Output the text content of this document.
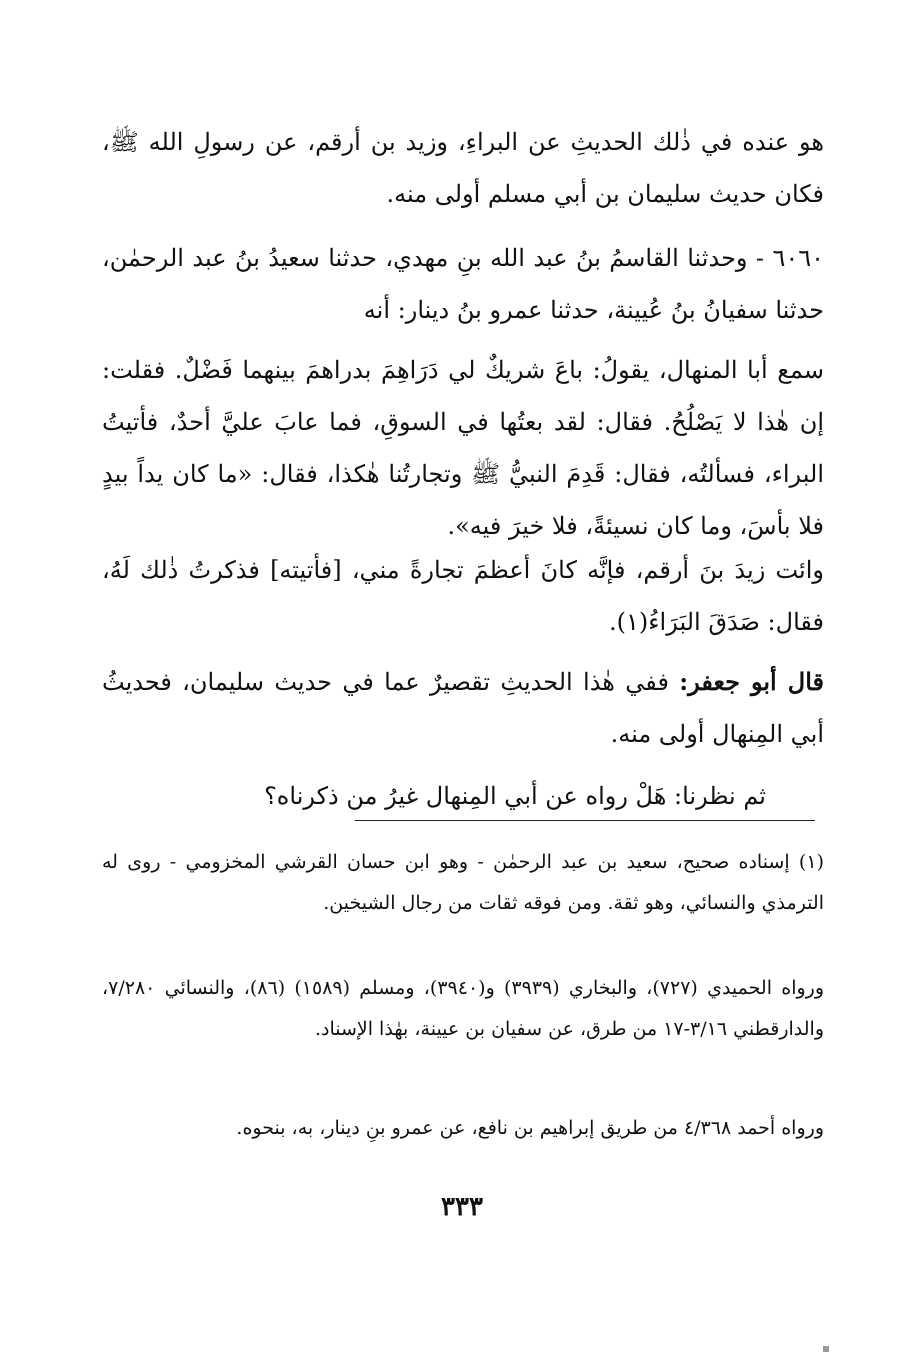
هو عنده في ذٰلك الحديثِ عن البراءِ، وزيد بن أرقم، عن رسولِ الله ﷺ، فكان حديث سليمان بن أبي مسلم أولى منه.

٦٠٦٠ - وحدثنا القاسمُ بنُ عبد الله بنِ مهدي، حدثنا سعيدُ بنُ عبد الرحمٰن، حدثنا سفيانُ بنُ عُيينة، حدثنا عمرو بنُ دينار: أنه

سمع أبا المنهال، يقولُ: باعَ شريكٌ لي دَرَاهِمَ بدراهمَ بينهما فَضْلٌ. فقلت: إن هٰذا لا يَصْلُحُ. فقال: لقد بعتُها في السوقِ، فما عابَ عليَّ أحدٌ، فأتيتُ البراء، فسألتُه، فقال: قَدِمَ النبيُّ ﷺ وتجارتُنا هٰكذا، فقال: «ما كان يداً بيدٍ فلا بأسَ، وما كان نسيئةً، فلا خيرَ فيه».

وائت زيدَ بنَ أرقم، فإنَّه كانَ أعظمَ تجارةً مني، [فأتيته] فذكرتُ ذٰلك لَهُ، فقال: صَدَقَ البَرَاءُ(١).

قال أبو جعفر: ففي هٰذا الحديثِ تقصيرٌ عما في حديث سليمان، فحديثُ أبي المِنهال أولى منه.

ثم نظرنا: هَلْ رواه عن أبي المِنهال غيرُ من ذكرناه؟

(١) إسناده صحيح، سعيد بن عبد الرحمٰن - وهو ابن حسان القرشي المخزومي - روى له الترمذي والنسائي، وهو ثقة. ومن فوقه ثقات من رجال الشيخين.

ورواه الحميدي (٧٢٧)، والبخاري (٣٩٣٩) و(٣٩٤٠)، ومسلم (١٥٨٩) (٨٦)، والنسائي ٧/٢٨٠، والدارقطني ٣/١٦-١٧ من طرق، عن سفيان بن عيينة، بهٰذا الإسناد.

ورواه أحمد ٤/٣٦٨ من طريق إبراهيم بن نافع، عن عمرو بنِ دينار، به، بنحوه.

٣٣٣
